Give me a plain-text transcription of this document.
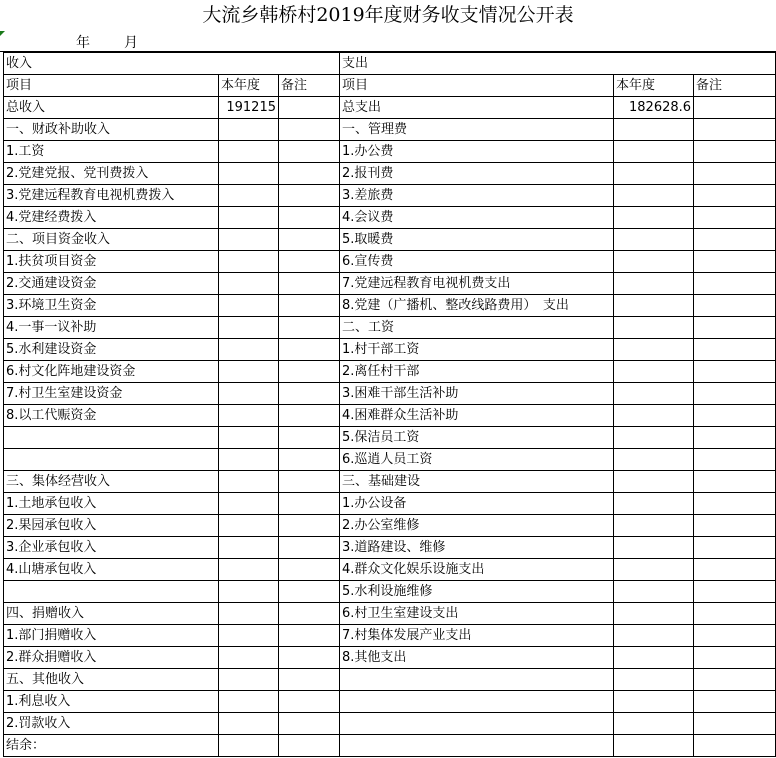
大流乡韩桥村2019年度财务收支情况公开表
年 月
收入			支出		
项目	本年度	备注	项目	本年度	备注
总收入	191215		总支出	182628.6	
一、财政补助收入			一、管理费		
1.工资			1.办公费		
2.党建党报、党刊费拨入			2.报刊费		
3.党建远程教育电视机费拨入			3.差旅费		
4.党建经费拨入			4.会议费		
二、项目资金收入			5.取暖费		
1.扶贫项目资金			6.宣传费		
2.交通建设资金			7.党建远程教育电视机费支出		
3.环境卫生资金			8.党建（广播机、整改线路费用）　支出		
4.一事一议补助			二、工资		
5.水利建设资金			1.村干部工资		
6.村文化阵地建设资金			2.离任村干部		
7.村卫生室建设资金			3.困难干部生活补助		
8.以工代赈资金			4.困难群众生活补助		
			5.保洁员工资		
			6.巡逍人员工资		
三、集体经营收入			三、基础建设		
1.土地承包收入			1.办公设备		
2.果园承包收入			2.办公室维修		
3.企业承包收入			3.道路建设、维修		
4.山塘承包收入			4.群众文化娱乐设施支出		
			5.水利设施维修		
四、捐赠收入			6.村卫生室建设支出		
1.部门捐赠收入			7.村集体发展产业支出		
2.群众捐赠收入			8.其他支出		
五、其他收入					
1.利息收入					
2.罚款收入					
结余：					
